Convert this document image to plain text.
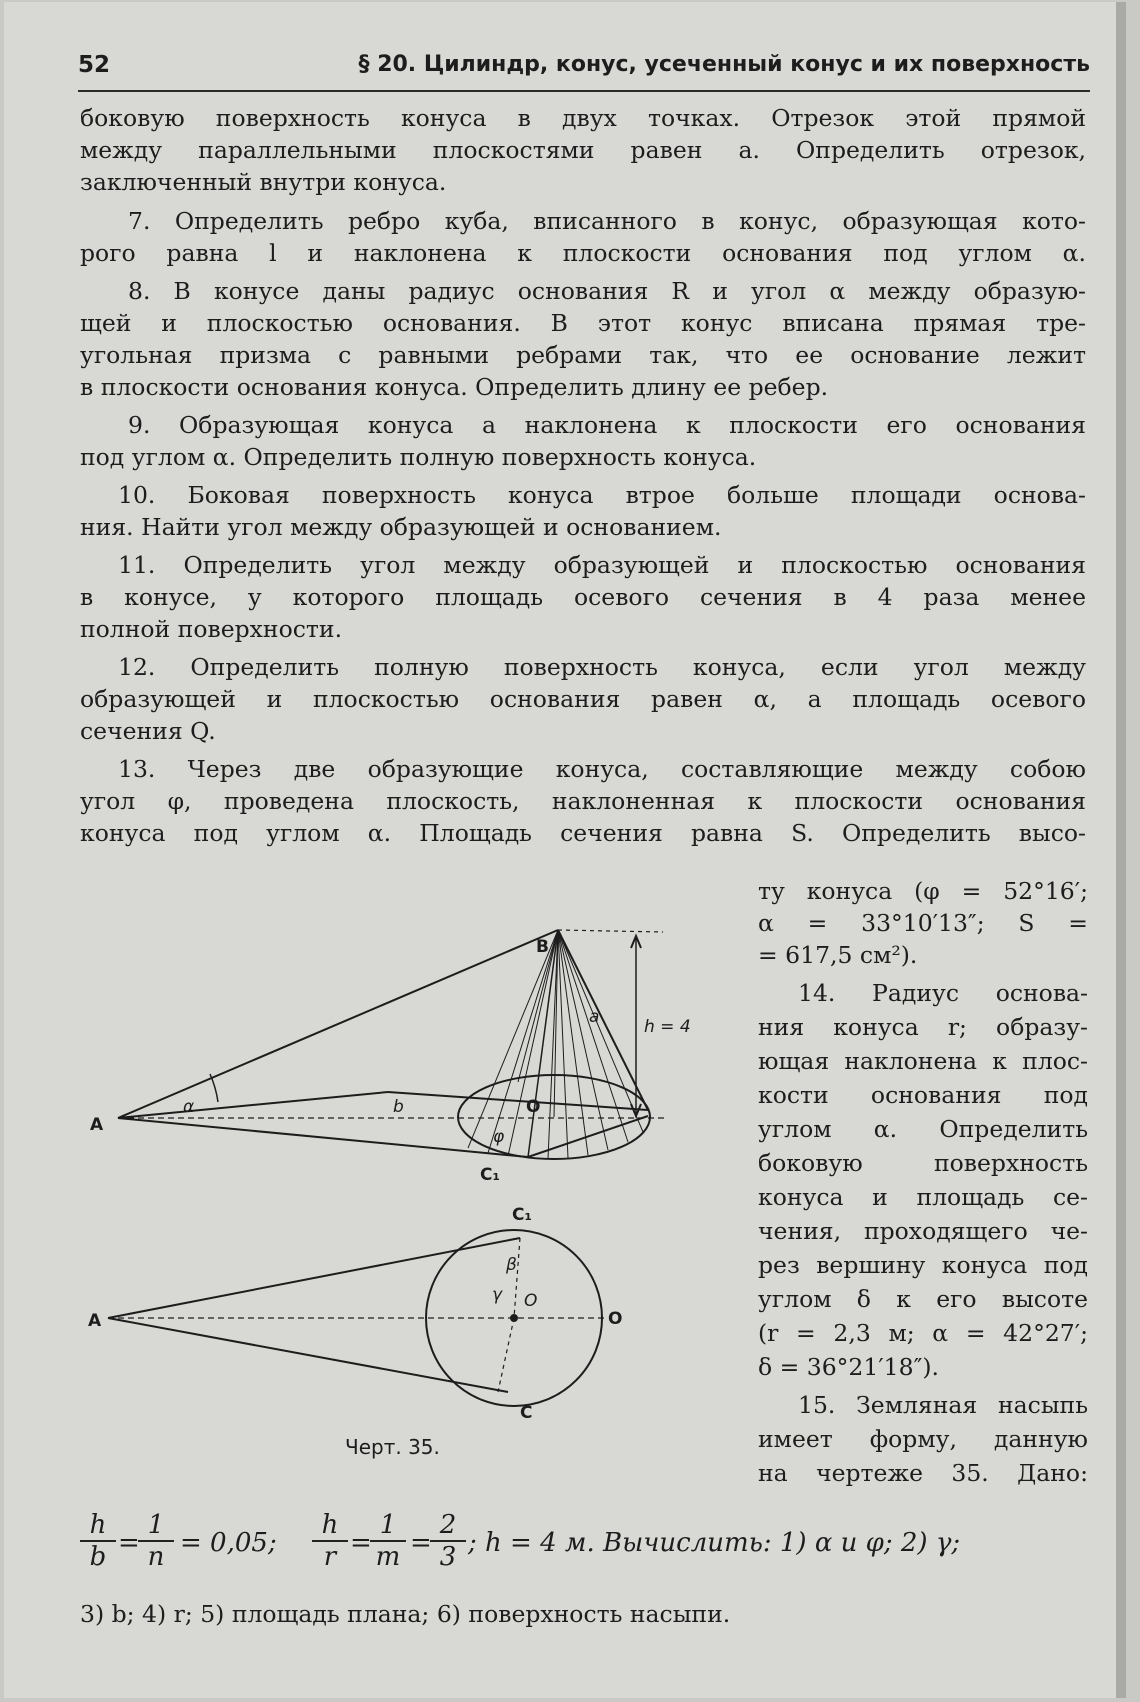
52	§ 20. Цилиндр, конус, усеченный конус и их поверхность
боковую поверхность конуса в двух точках. Отрезок этой прямой
между параллельными плоскостями равен a. Определить отрезок,
заключенный внутри конуса.
7. Определить ребро куба, вписанного в конус, образующая кото-
рого равна l и наклонена к плоскости основания под углом α.
8. В конусе даны радиус основания R и угол α между образую-
щей и плоскостью основания. В этот конус вписана прямая тре-
угольная призма с равными ребрами так, что ее основание лежит
в плоскости основания конуса. Определить длину ее ребер.
9. Образующая конуса a наклонена к плоскости его основания
под углом α. Определить полную поверхность конуса.
10. Боковая поверхность конуса втрое больше площади основа-
ния. Найти угол между образующей и основанием.
11. Определить угол между образующей и плоскостью основания
в конусе, у которого площадь осевого сечения в 4 раза менее
полной поверхности.
12. Определить полную поверхность конуса, если угол между
образующей и плоскостью основания равен α, а площадь осевого
сечения Q.
13. Через две образующие конуса, составляющие между собою
угол φ, проведена плоскость, наклоненная к плоскости основания
конуса под углом α. Площадь сечения равна S. Определить высо-
ту конуса (φ = 52°16′;
α = 33°10′13″; S =
= 617,5 см²).
14. Радиус основа-
ния конуса r; образу-
ющая наклонена к плос-
кости основания под
углом α. Определить
боковую поверхность
конуса и площадь се-
чения, проходящего че-
рез вершину конуса под
углом δ к его высоте
(r = 2,3 м; α = 42°27′;
δ = 36°21′18″).
15. Земляная насыпь
имеет форму, данную
на чертеже 35. Дано:
B
A
C₁
O
a
b
h = 4
α
φ
A
C₁
C
O
O
β
γ
Черт. 35.
$\frac{h}{b}$ =
$\frac{1}{n} = 0,05$; $\frac{h}{r}$ =
$\frac{1}{m}$ =
$\frac{2}{3}$ ; h = 4 м. Вычислить: 1) α и φ; 2) γ;
3) b; 4) r; 5) площадь плана; 6) поверхность насыпи.
